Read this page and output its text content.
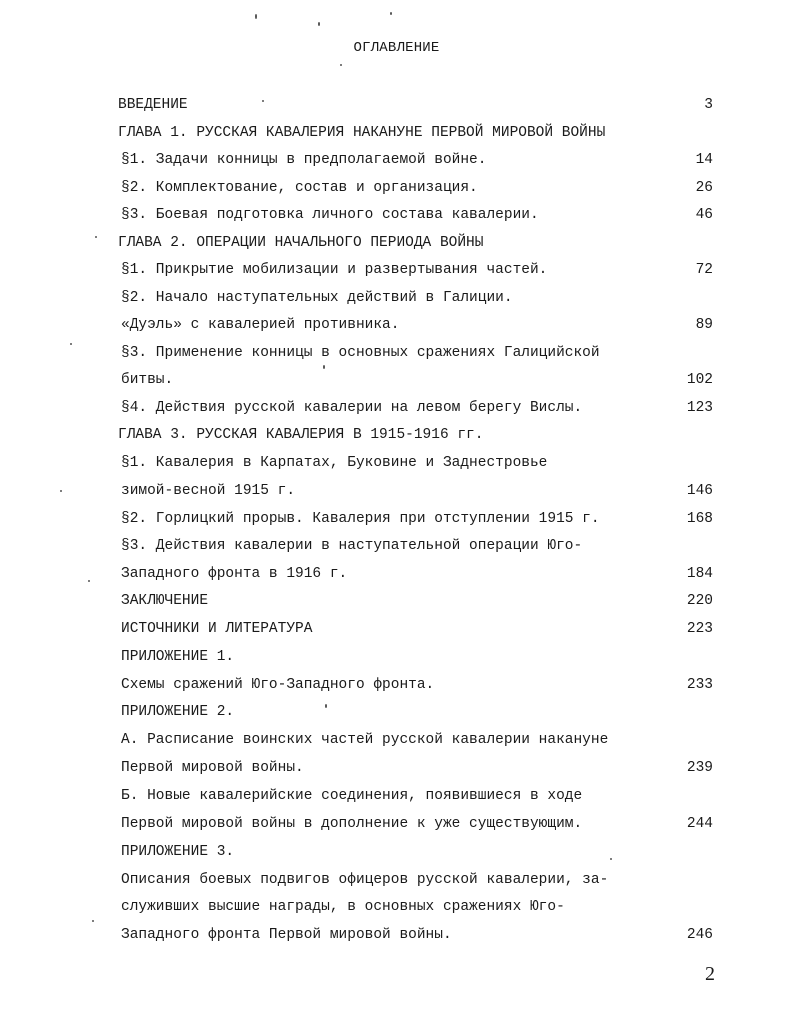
ОГЛАВЛЕНИЕ
ВВЕДЕНИЕ	3
ГЛАВА 1. РУССКАЯ КАВАЛЕРИЯ НАКАНУНЕ ПЕРВОЙ МИРОВОЙ ВОЙНЫ
§1. Задачи конницы в предполагаемой войне.	14
§2. Комплектование, состав и организация.	26
§3. Боевая подготовка личного состава кавалерии.	46
ГЛАВА 2. ОПЕРАЦИИ НАЧАЛЬНОГО ПЕРИОДА ВОЙНЫ
§1. Прикрытие мобилизации и развертывания частей.	72
§2. Начало наступательных действий в Галиции.
«Дуэль» с кавалерией противника.	89
§3. Применение конницы в основных сражениях Галицийской
битвы.	102
§4. Действия русской кавалерии на левом берегу Вислы.	123
ГЛАВА 3. РУССКАЯ КАВАЛЕРИЯ В 1915-1916 гг.
§1. Кавалерия в Карпатах, Буковине и Заднестровье
зимой-весной 1915 г.	146
§2. Горлицкий прорыв. Кавалерия при отступлении 1915 г.	168
§3. Действия кавалерии в наступательной операции Юго-
Западного фронта в 1916 г.	184
ЗАКЛЮЧЕНИЕ	220
ИСТОЧНИКИ И ЛИТЕРАТУРА	223
ПРИЛОЖЕНИЕ 1.
Схемы сражений Юго-Западного фронта.	233
ПРИЛОЖЕНИЕ 2.
А. Расписание воинских частей русской кавалерии накануне
Первой мировой войны.	239
Б. Новые кавалерийские соединения, появившиеся в ходе
Первой мировой войны в дополнение к уже существующим.	244
ПРИЛОЖЕНИЕ 3.
Описания боевых подвигов офицеров русской кавалерии, за-
служивших высшие награды, в основных сражениях Юго-
Западного фронта Первой мировой войны.	246
2
